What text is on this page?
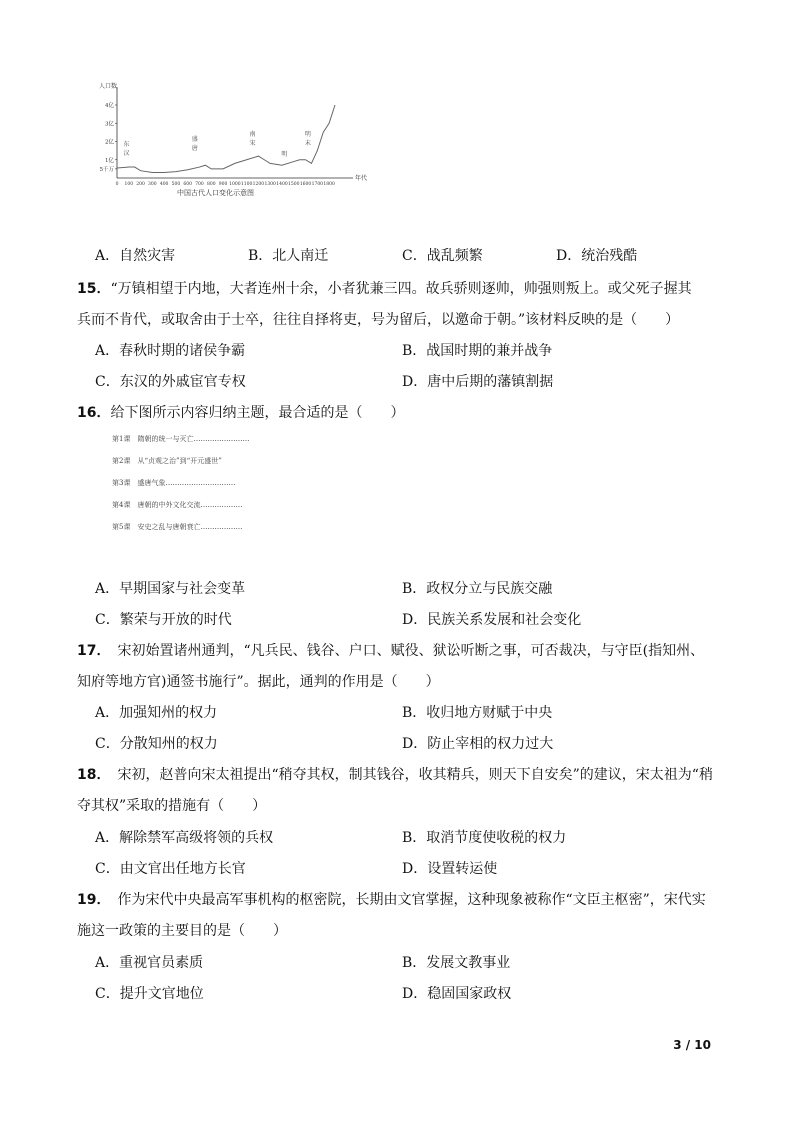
人口数
年代
4亿
3亿
2亿
1亿
5千万
0 100 200 300 400 500 600 700 800 900 1000 1100 1200 1300 1400 1500 1600 1700 1800
东
汉
盛
唐
南
宋
明
明
末
中国古代人口变化示意图
A．自然灾害	B．北人南迁	C．战乱频繁	D．统治残酷
15．“万镇相望于内地，大者连州十余，小者犹兼三四。故兵骄则逐帅，帅强则叛上。或父死子握其
兵而不肯代，或取舍由于士卒，往往自择将吏，号为留后，以邀命于朝。”该材料反映的是（　　）
A．春秋时期的诸侯争霸	B．战国时期的兼并战争
C．东汉的外戚宦官专权	D．唐中后期的藩镇割据
16．给下图所示内容归纳主题，最合适的是（　　）
第1课　隋朝的统一与灭亡……………………
第2课　从“贞观之治”到“开元盛世”
第3课　盛唐气象…………………………
第4课　唐朝的中外文化交流………………
第5课　安史之乱与唐朝衰亡………………
A．早期国家与社会变革	B．政权分立与民族交融
C．繁荣与开放的时代	D．民族关系发展和社会变化
17．　宋初始置诸州通判，“凡兵民、钱谷、户口、赋役、狱讼听断之事，可否裁决，与守臣(指知州、
知府等地方官)通签书施行”。据此，通判的作用是（　　）
A．加强知州的权力	B．收归地方财赋于中央
C．分散知州的权力	D．防止宰相的权力过大
18．　宋初，赵普向宋太祖提出“稍夺其权，制其钱谷，收其精兵，则天下自安矣”的建议，宋太祖为“稍
夺其权”采取的措施有（　　）
A．解除禁军高级将领的兵权	B．取消节度使收税的权力
C．由文官出任地方长官	D．设置转运使
19．　作为宋代中央最高军事机构的枢密院，长期由文官掌握，这种现象被称作“文臣主枢密”，宋代实
施这一政策的主要目的是（　　）
A．重视官员素质	B．发展文教事业
C．提升文官地位	D．稳固国家政权
3 / 10
